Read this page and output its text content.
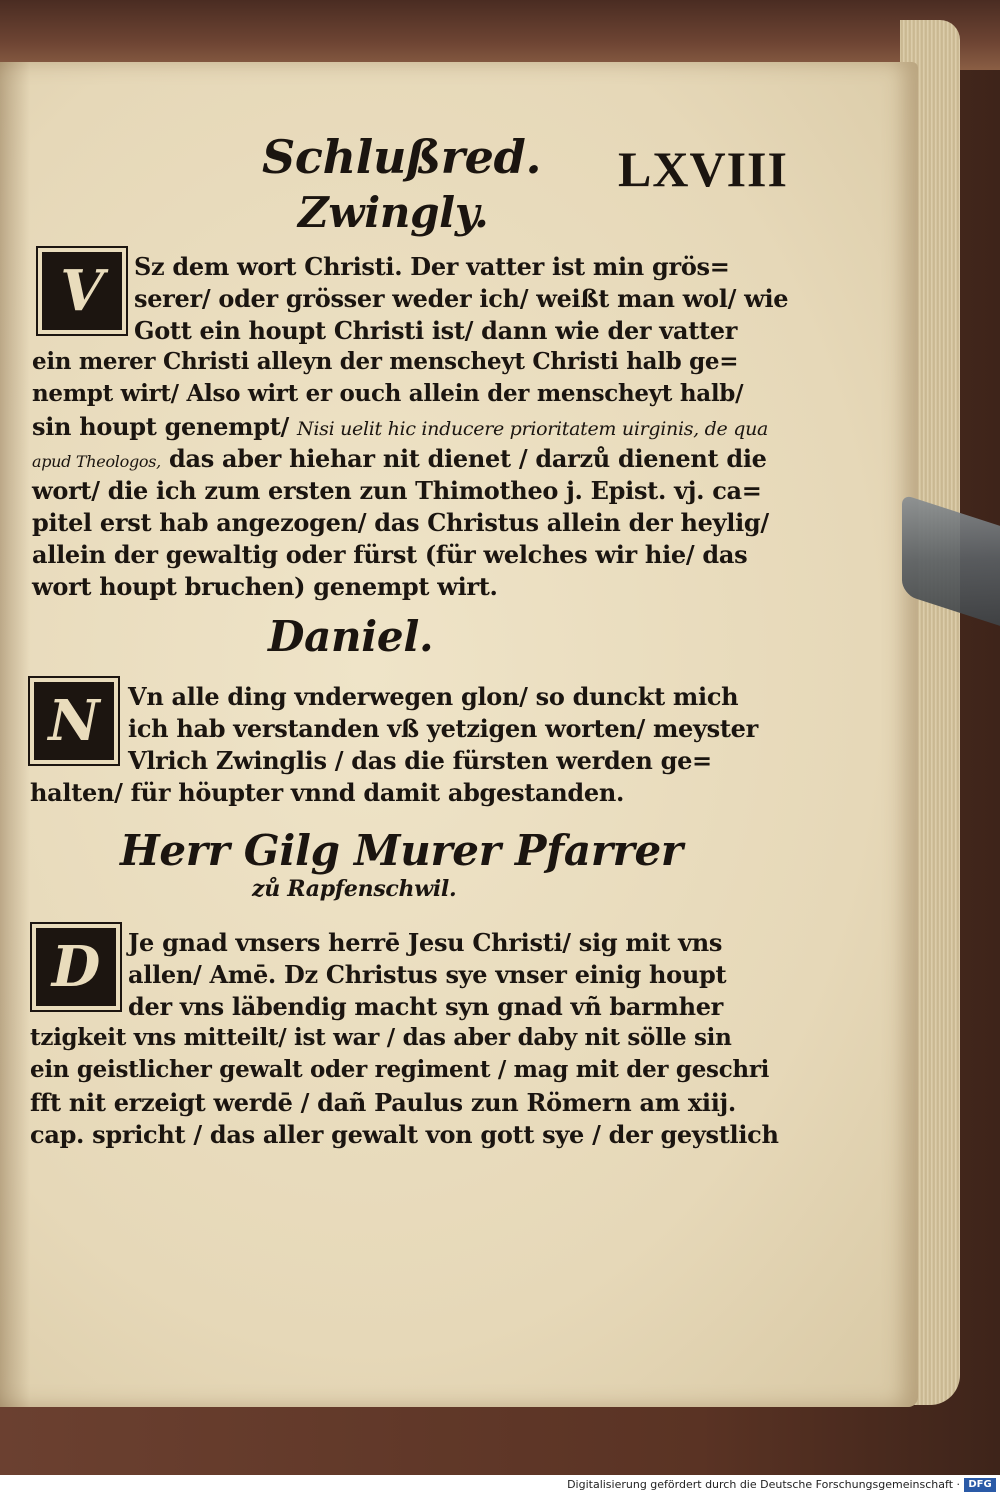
Schlußred. LXVIII
Zwingly.
V Sz dem wort Christi. Der vatter ist min grös=
serer/ oder grösser weder ich/ weißt man wol/ wie
Gott ein houpt Christi ist/ dann wie der vatter
ein merer Christi alleyn der menscheyt Christi halb ge=
nempt wirt/ Also wirt er ouch allein der menscheyt halb/
sin houpt genempt/ Nisi uelit hic inducere prioritatem uirginis, de qua
apud Theologos, das aber hiehar nit dienet / darzů dienent die
wort/ die ich zum ersten zun Thimotheo j. Epist. vj. ca=
pitel erst hab angezogen/ das Christus allein der heylig/
allein der gewaltig oder fürst (für welches wir hie/ das
wort houpt bruchen) genempt wirt.
Daniel.
N Vn alle ding vnderwegen glon/ so dunckt mich
ich hab verstanden vß yetzigen worten/ meyster
Vlrich Zwinglis / das die fürsten werden ge=
halten/ für höupter vnnd damit abgestanden.
Herr Gilg Murer Pfarrer
zů Rapfenschwil.
D Je gnad vnsers herrē Jesu Christi/ sig mit vns
allen/ Amē. Dz Christus sye vnser einig houpt
der vns läbendig macht syn gnad vñ barmher
tzigkeit vns mitteilt/ ist war / das aber daby nit sölle sin
ein geistlicher gewalt oder regiment / mag mit der geschri
fft nit erzeigt werdē / dañ Paulus zun Römern am xiij.
cap. spricht / das aller gewalt von gott sye / der geystlich
Digitalisierung gefördert durch die Deutsche Forschungsgemeinschaft · DFG
